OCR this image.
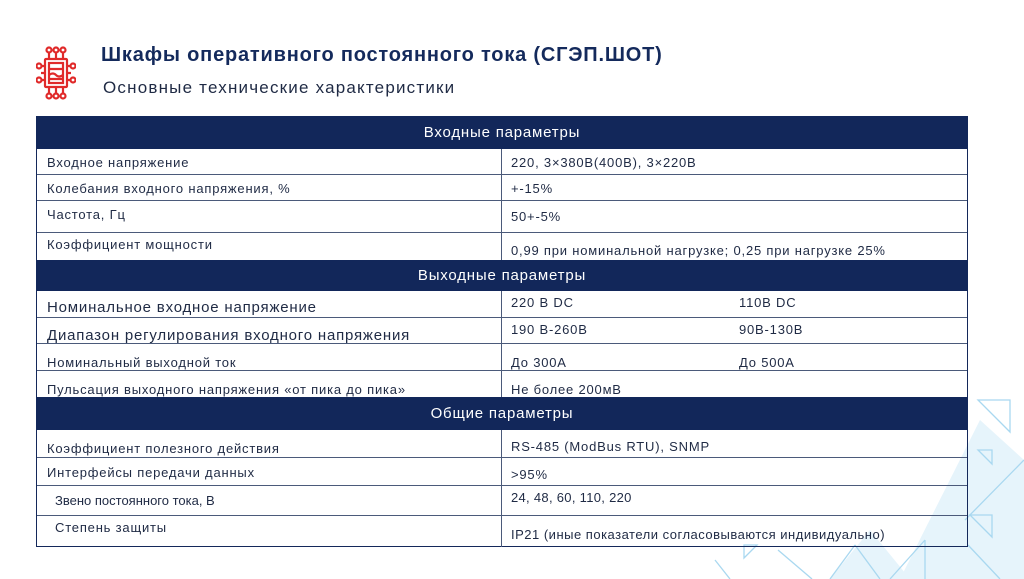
Шкафы оперативного постоянного тока (СГЭП.ШОТ)
Основные технические характеристики
Входные параметры
Входное напряжение	220, 3×380В(400В), 3×220В
Колебания входного напряжения, %	+-15%
Частота, Гц	50+-5%
Коэффициент мощности	0,99 при номинальной нагрузке; 0,25 при нагрузке 25%
Выходные параметры
Номинальное входное напряжение	220 В DC	110В DC
Диапазон регулирования входного напряжения	190 В-260В	90В-130В
Номинальный выходной ток	До 300А	До 500А
Пульсация выходного напряжения «от пика до пика»	Не более 200мВ
Общие параметры
Коэффициент полезного действия	RS-485 (ModBus RTU), SNMP
Интерфейсы передачи данных	>95%
Звено постоянного тока, В	24, 48, 60, 110, 220
Степень защиты	IP21 (иные показатели согласовываются индивидуально)
